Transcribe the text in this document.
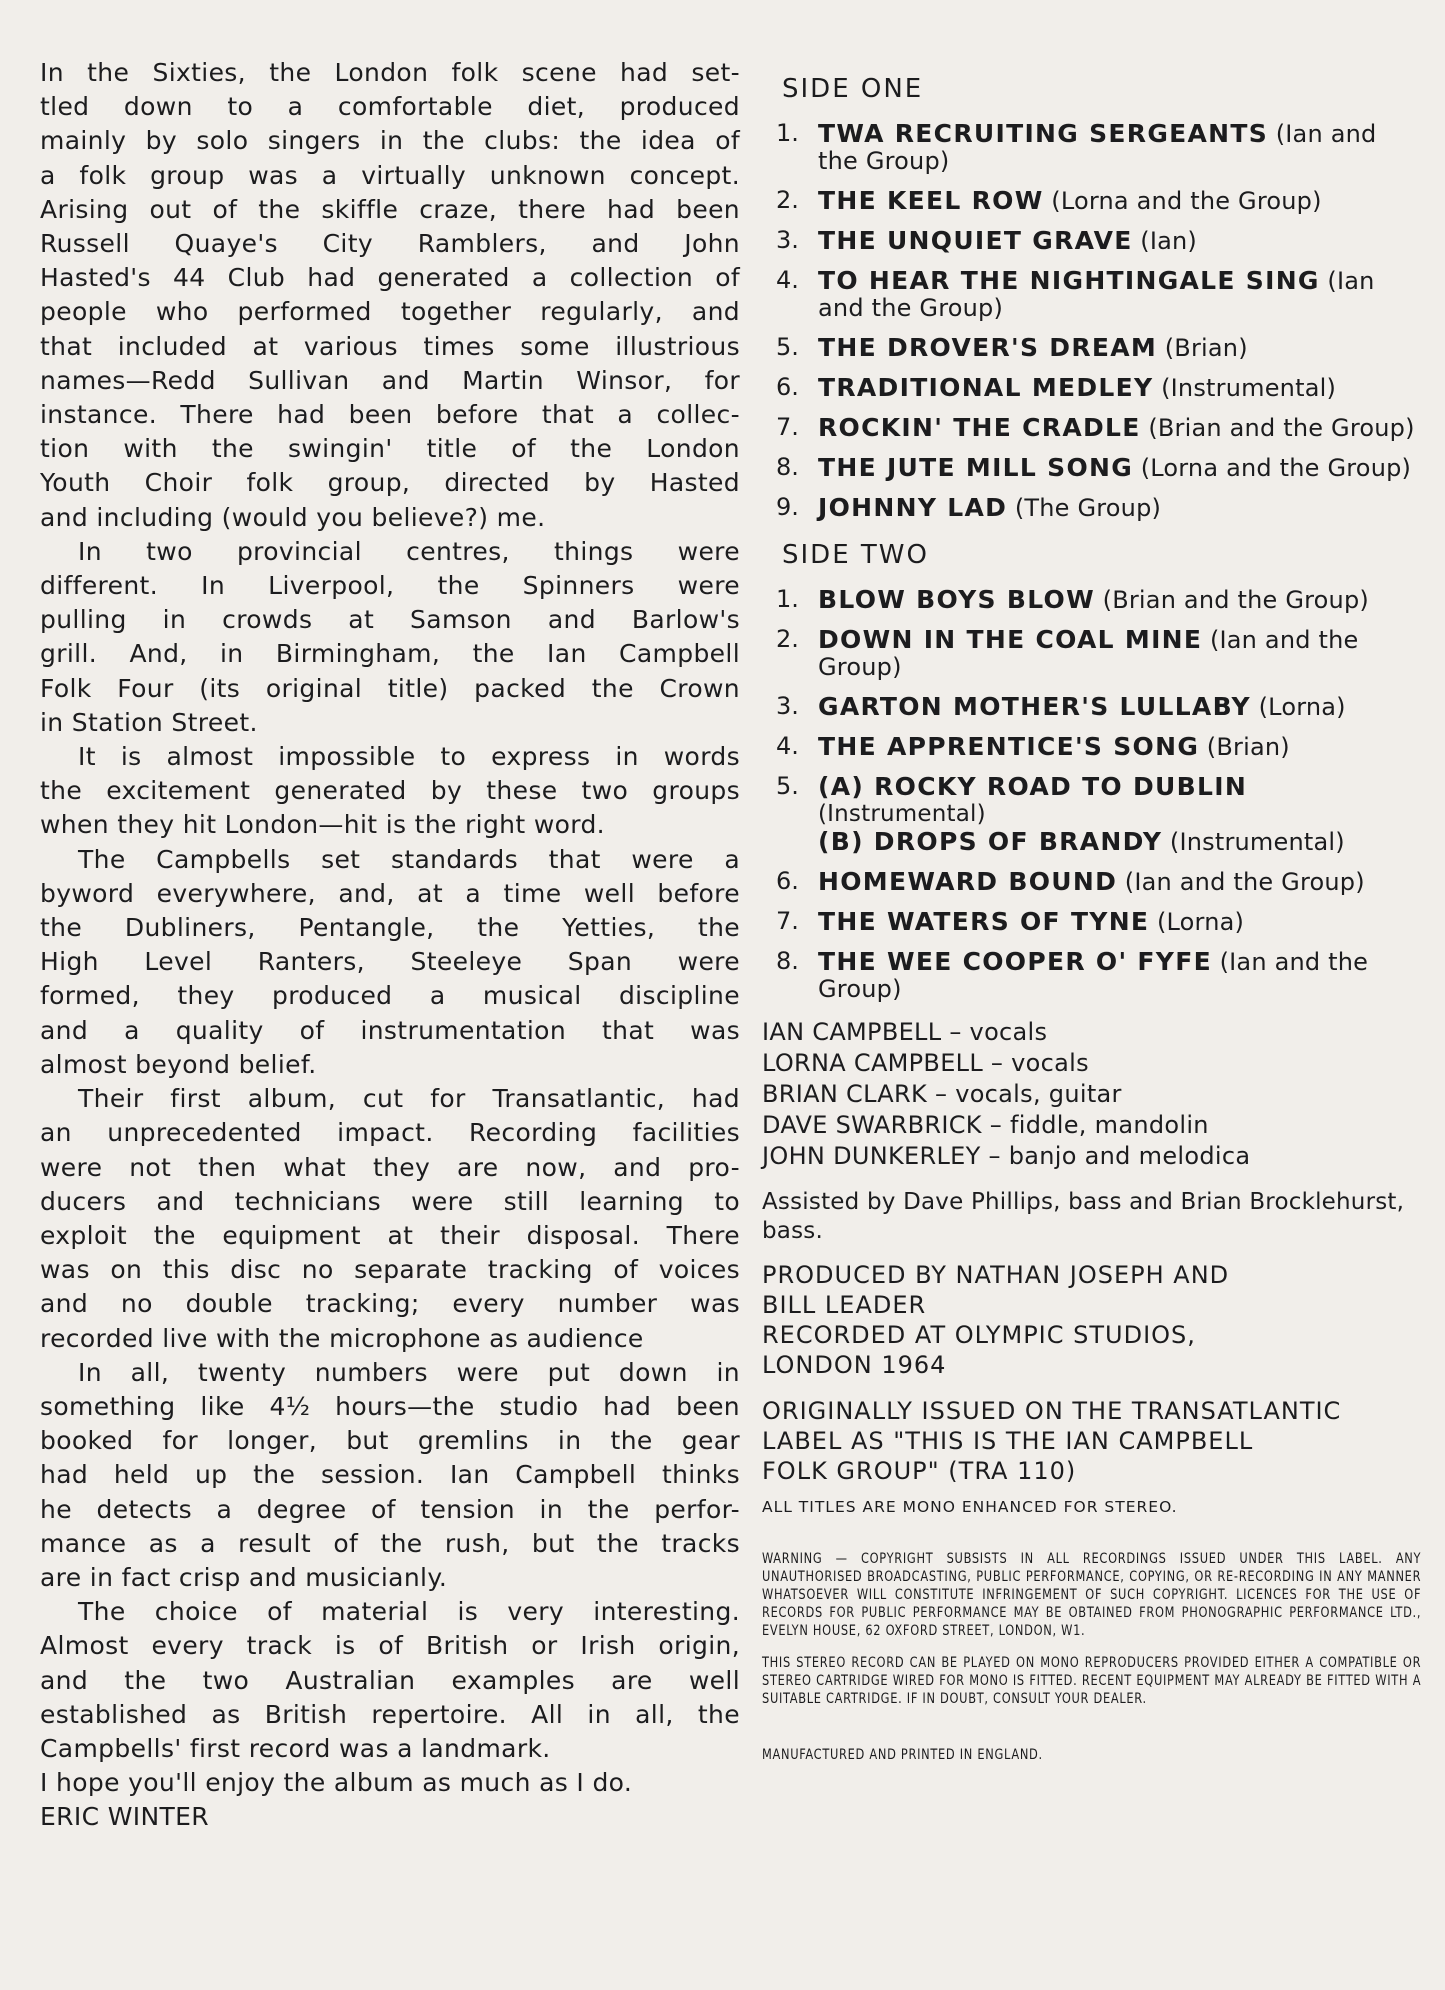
In the Sixties, the London folk scene had set-
tled down to a comfortable diet, produced
mainly by solo singers in the clubs: the idea of
a folk group was a virtually unknown concept.
Arising out of the skiffle craze, there had been
Russell Quaye's City Ramblers, and John
Hasted's 44 Club had generated a collection of
people who performed together regularly, and
that included at various times some illustrious
names—Redd Sullivan and Martin Winsor, for
instance. There had been before that a collec-
tion with the swingin' title of the London
Youth Choir folk group, directed by Hasted
and including (would you believe?) me.

In two provincial centres, things were
different. In Liverpool, the Spinners were
pulling in crowds at Samson and Barlow's
grill. And, in Birmingham, the Ian Campbell
Folk Four (its original title) packed the Crown
in Station Street.

It is almost impossible to express in words
the excitement generated by these two groups
when they hit London—hit is the right word.

The Campbells set standards that were a
byword everywhere, and, at a time well before
the Dubliners, Pentangle, the Yetties, the
High Level Ranters, Steeleye Span were
formed, they produced a musical discipline
and a quality of instrumentation that was
almost beyond belief.

Their first album, cut for Transatlantic, had
an unprecedented impact. Recording facilities
were not then what they are now, and pro-
ducers and technicians were still learning to
exploit the equipment at their disposal. There
was on this disc no separate tracking of voices
and no double tracking; every number was
recorded live with the microphone as audience

In all, twenty numbers were put down in
something like 4½ hours—the studio had been
booked for longer, but gremlins in the gear
had held up the session. Ian Campbell thinks
he detects a degree of tension in the perfor-
mance as a result of the rush, but the tracks
are in fact crisp and musicianly.

The choice of material is very interesting.
Almost every track is of British or Irish origin,
and the two Australian examples are well
established as British repertoire. All in all, the
Campbells' first record was a landmark.

I hope you'll enjoy the album as much as I do.

ERIC WINTER
SIDE ONE
1. TWA RECRUITING SERGEANTS (Ian and the Group)
2. THE KEEL ROW (Lorna and the Group)
3. THE UNQUIET GRAVE (Ian)
4. TO HEAR THE NIGHTINGALE SING (Ian and the Group)
5. THE DROVER'S DREAM (Brian)
6. TRADITIONAL MEDLEY (Instrumental)
7. ROCKIN' THE CRADLE (Brian and the Group)
8. THE JUTE MILL SONG (Lorna and the Group)
9. JOHNNY LAD (The Group)
SIDE TWO
1. BLOW BOYS BLOW (Brian and the Group)
2. DOWN IN THE COAL MINE (Ian and the Group)
3. GARTON MOTHER'S LULLABY (Lorna)
4. THE APPRENTICE'S SONG (Brian)
5. (A) ROCKY ROAD TO DUBLIN
(Instrumental)
(B) DROPS OF BRANDY (Instrumental)
6. HOMEWARD BOUND (Ian and the Group)
7. THE WATERS OF TYNE (Lorna)
8. THE WEE COOPER O' FYFE (Ian and the Group)
IAN CAMPBELL – vocals
LORNA CAMPBELL – vocals
BRIAN CLARK – vocals, guitar
DAVE SWARBRICK – fiddle, mandolin
JOHN DUNKERLEY – banjo and melodica
Assisted by Dave Phillips, bass and Brian Brocklehurst, bass.
PRODUCED BY NATHAN JOSEPH AND
BILL LEADER
RECORDED AT OLYMPIC STUDIOS,
LONDON 1964
ORIGINALLY ISSUED ON THE TRANSATLANTIC
LABEL AS "THIS IS THE IAN CAMPBELL
FOLK GROUP" (TRA 110)
ALL TITLES ARE MONO ENHANCED FOR STEREO.
WARNING — COPYRIGHT SUBSISTS IN ALL RECORDINGS ISSUED UNDER THIS LABEL. ANY UNAUTHORISED BROADCASTING, PUBLIC PERFORMANCE, COPYING, OR RE-RECORDING IN ANY MANNER WHATSOEVER WILL CONSTITUTE INFRINGEMENT OF SUCH COPYRIGHT. LICENCES FOR THE USE OF RECORDS FOR PUBLIC PERFORMANCE MAY BE OBTAINED FROM PHONOGRAPHIC PERFORMANCE LTD., EVELYN HOUSE, 62 OXFORD STREET, LONDON, W1.
THIS STEREO RECORD CAN BE PLAYED ON MONO REPRODUCERS PROVIDED EITHER A COMPATIBLE OR STEREO CARTRIDGE WIRED FOR MONO IS FITTED. RECENT EQUIPMENT MAY ALREADY BE FITTED WITH A SUITABLE CARTRIDGE. IF IN DOUBT, CONSULT YOUR DEALER.
MANUFACTURED AND PRINTED IN ENGLAND.
